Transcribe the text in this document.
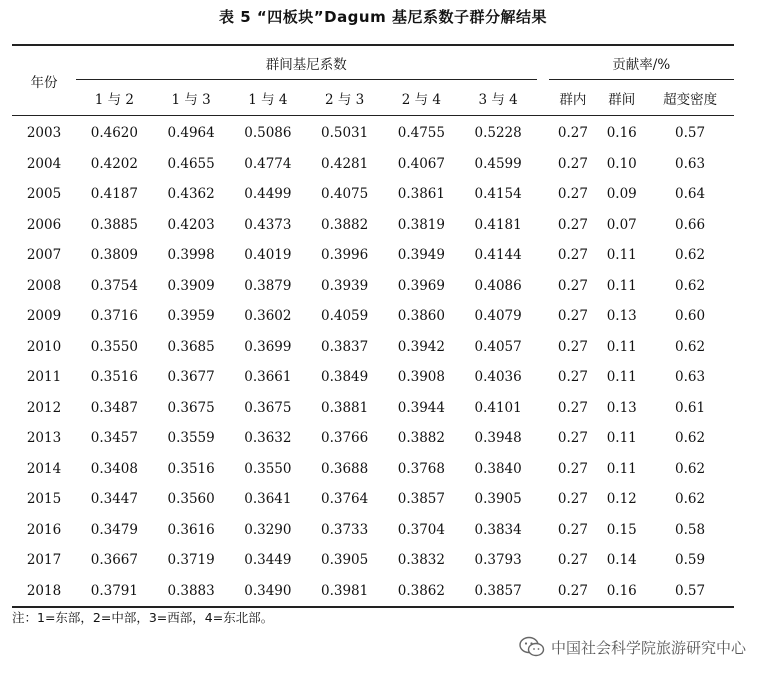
表 5 “四板块”Dagum 基尼系数子群分解结果
年份	群间基尼系数							贡献率/%		
	1 与 2	1 与 3	1 与 4	2 与 3	2 与 4	3 与 4		群内	群间	超变密度
2003	0.4620	0.4964	0.5086	0.5031	0.4755	0.5228		0.27	0.16	0.57
2004	0.4202	0.4655	0.4774	0.4281	0.4067	0.4599		0.27	0.10	0.63
2005	0.4187	0.4362	0.4499	0.4075	0.3861	0.4154		0.27	0.09	0.64
2006	0.3885	0.4203	0.4373	0.3882	0.3819	0.4181		0.27	0.07	0.66
2007	0.3809	0.3998	0.4019	0.3996	0.3949	0.4144		0.27	0.11	0.62
2008	0.3754	0.3909	0.3879	0.3939	0.3969	0.4086		0.27	0.11	0.62
2009	0.3716	0.3959	0.3602	0.4059	0.3860	0.4079		0.27	0.13	0.60
2010	0.3550	0.3685	0.3699	0.3837	0.3942	0.4057		0.27	0.11	0.62
2011	0.3516	0.3677	0.3661	0.3849	0.3908	0.4036		0.27	0.11	0.63
2012	0.3487	0.3675	0.3675	0.3881	0.3944	0.4101		0.27	0.13	0.61
2013	0.3457	0.3559	0.3632	0.3766	0.3882	0.3948		0.27	0.11	0.62
2014	0.3408	0.3516	0.3550	0.3688	0.3768	0.3840		0.27	0.11	0.62
2015	0.3447	0.3560	0.3641	0.3764	0.3857	0.3905		0.27	0.12	0.62
2016	0.3479	0.3616	0.3290	0.3733	0.3704	0.3834		0.27	0.15	0.58
2017	0.3667	0.3719	0.3449	0.3905	0.3832	0.3793		0.27	0.14	0.59
2018	0.3791	0.3883	0.3490	0.3981	0.3862	0.3857		0.27	0.16	0.57
注：1=东部，2=中部，3=西部，4=东北部。
中国社会科学院旅游研究中心
